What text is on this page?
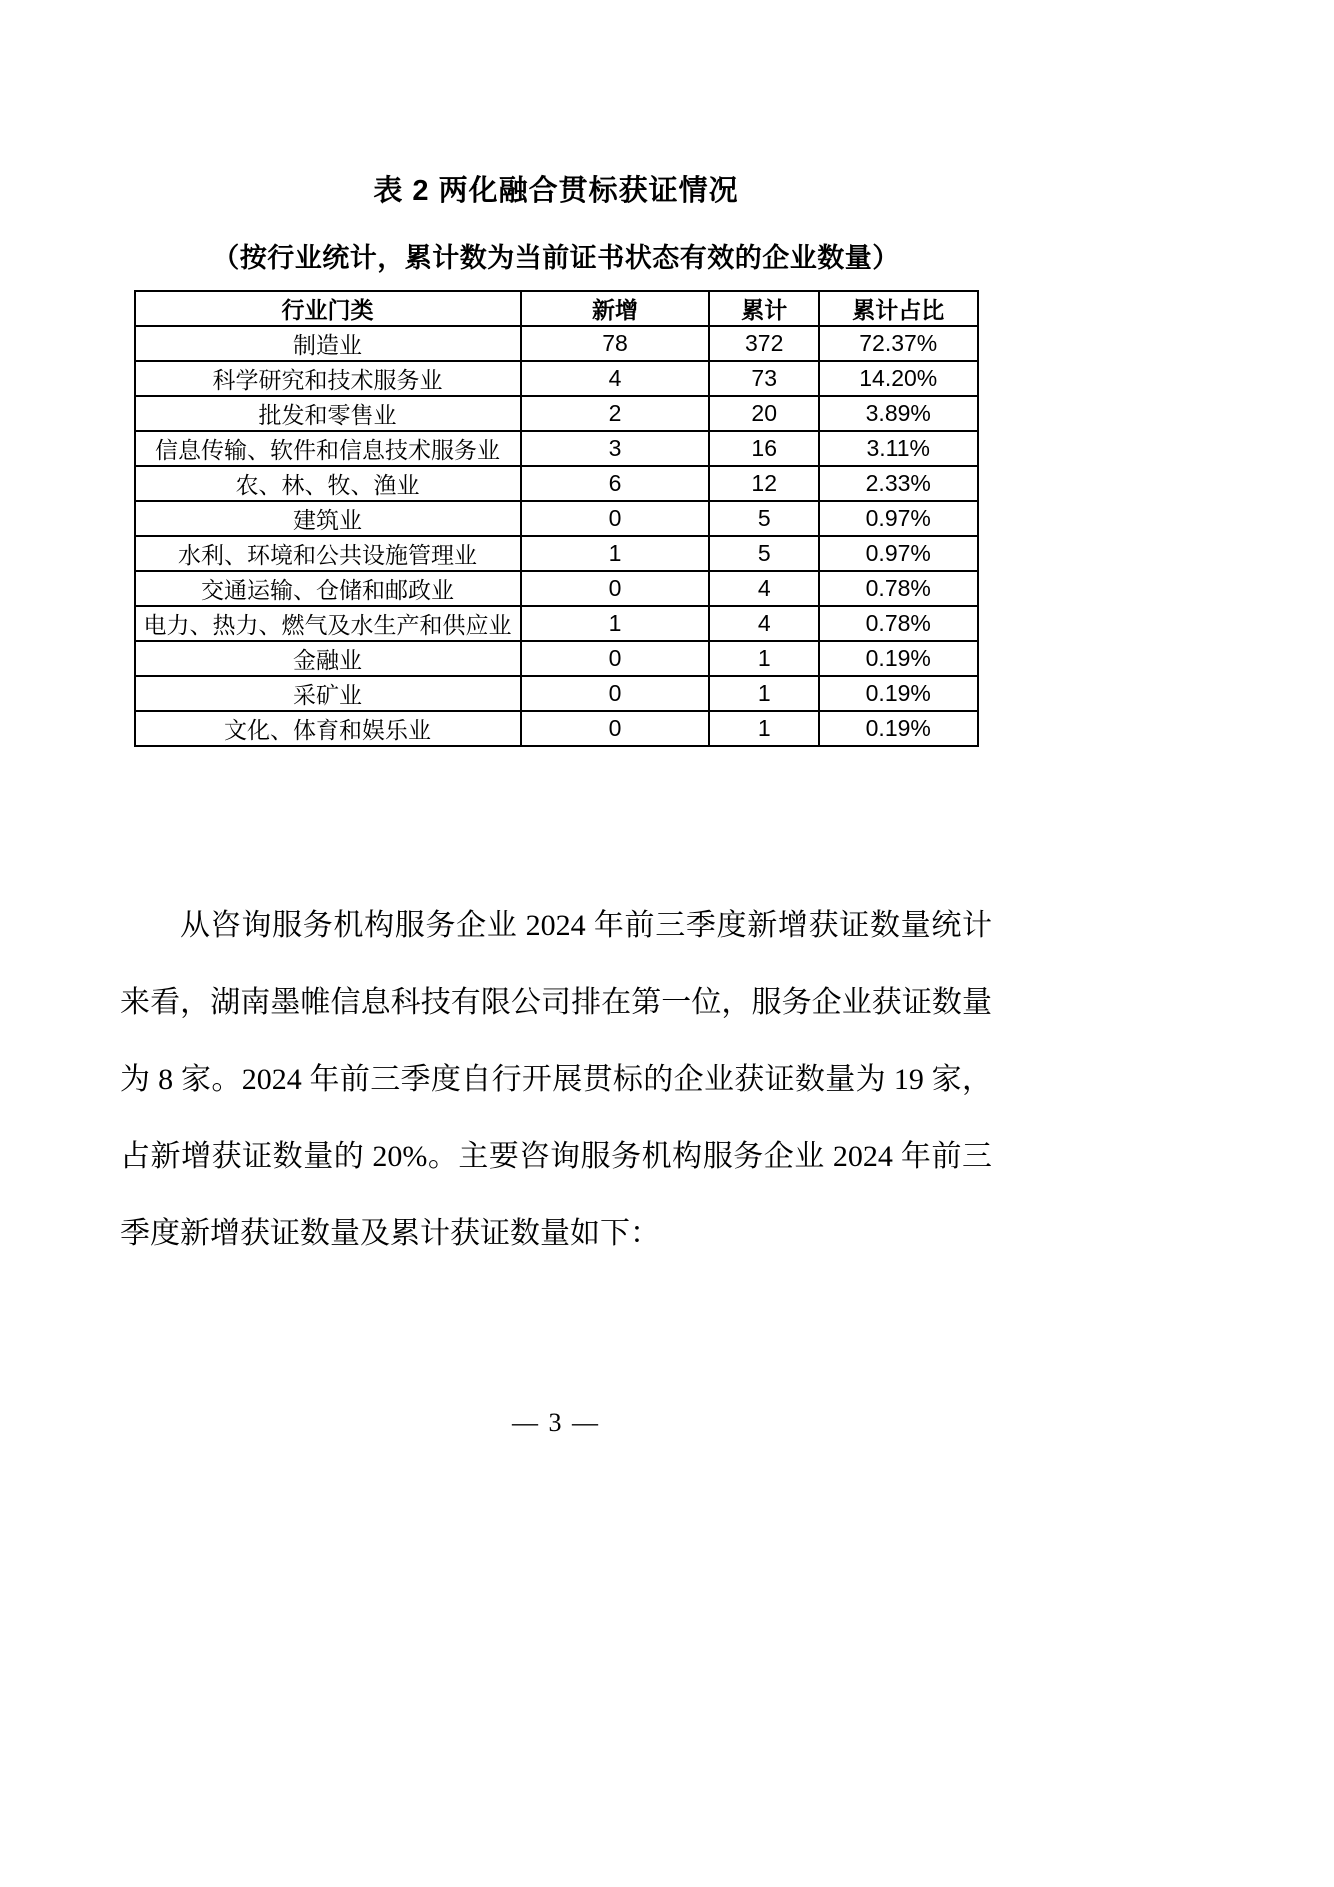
表 2 两化融合贯标获证情况
（按行业统计，累计数为当前证书状态有效的企业数量）
行业门类	新增	累计	累计占比
制造业	78	372	72.37%
科学研究和技术服务业	4	73	14.20%
批发和零售业	2	20	3.89%
信息传输、软件和信息技术服务业	3	16	3.11%
农、林、牧、渔业	6	12	2.33%
建筑业	0	5	0.97%
水利、环境和公共设施管理业	1	5	0.97%
交通运输、仓储和邮政业	0	4	0.78%
电力、热力、燃气及水生产和供应业	1	4	0.78%
金融业	0	1	0.19%
采矿业	0	1	0.19%
文化、体育和娱乐业	0	1	0.19%

从咨询服务机构服务企业 2024 年前三季度新增获证数量统计来看，湖南墨帷信息科技有限公司排在第一位，服务企业获证数量为 8 家。2024 年前三季度自行开展贯标的企业获证数量为 19 家，占新增获证数量的 20%。主要咨询服务机构服务企业 2024 年前三季度新增获证数量及累计获证数量如下：

— 3 —
